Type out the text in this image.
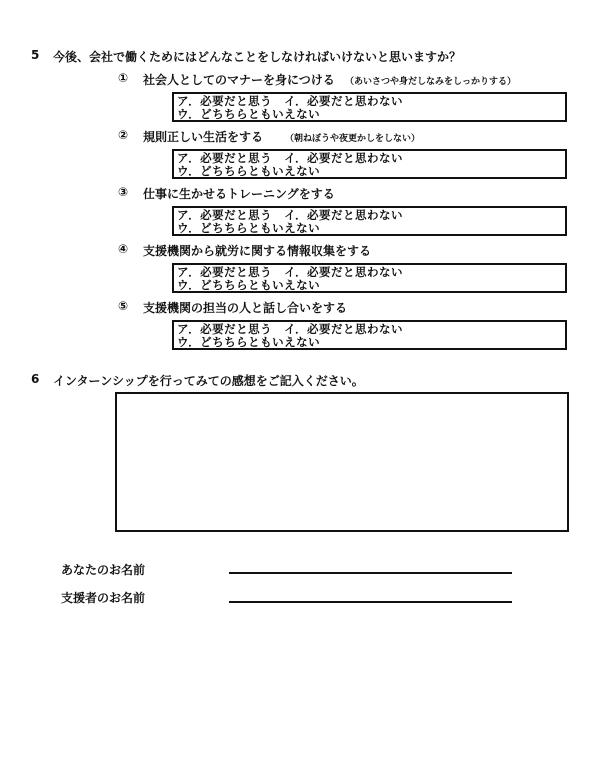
5 今後、会社で働くためにはどんなことをしなければいけないと思いますか？
① 社会人としてのマナーを身につける （あいさつや身だしなみをしっかりする）
ア．必要だと思う　イ．必要だと思わない
ウ．どちちらともいえない
② 規則正しい生活をする （朝ねぼうや夜更かしをしない）
ア．必要だと思う　イ．必要だと思わない
ウ．どちちらともいえない
③ 仕事に生かせるトレーニングをする
ア．必要だと思う　イ．必要だと思わない
ウ．どちちらともいえない
④ 支援機関から就労に関する情報収集をする
ア．必要だと思う　イ．必要だと思わない
ウ．どちちらともいえない
⑤ 支援機関の担当の人と話し合いをする
ア．必要だと思う　イ．必要だと思わない
ウ．どちちらともいえない
6 インターンシップを行ってみての感想をご記入ください。
あなたのお名前
支援者のお名前
